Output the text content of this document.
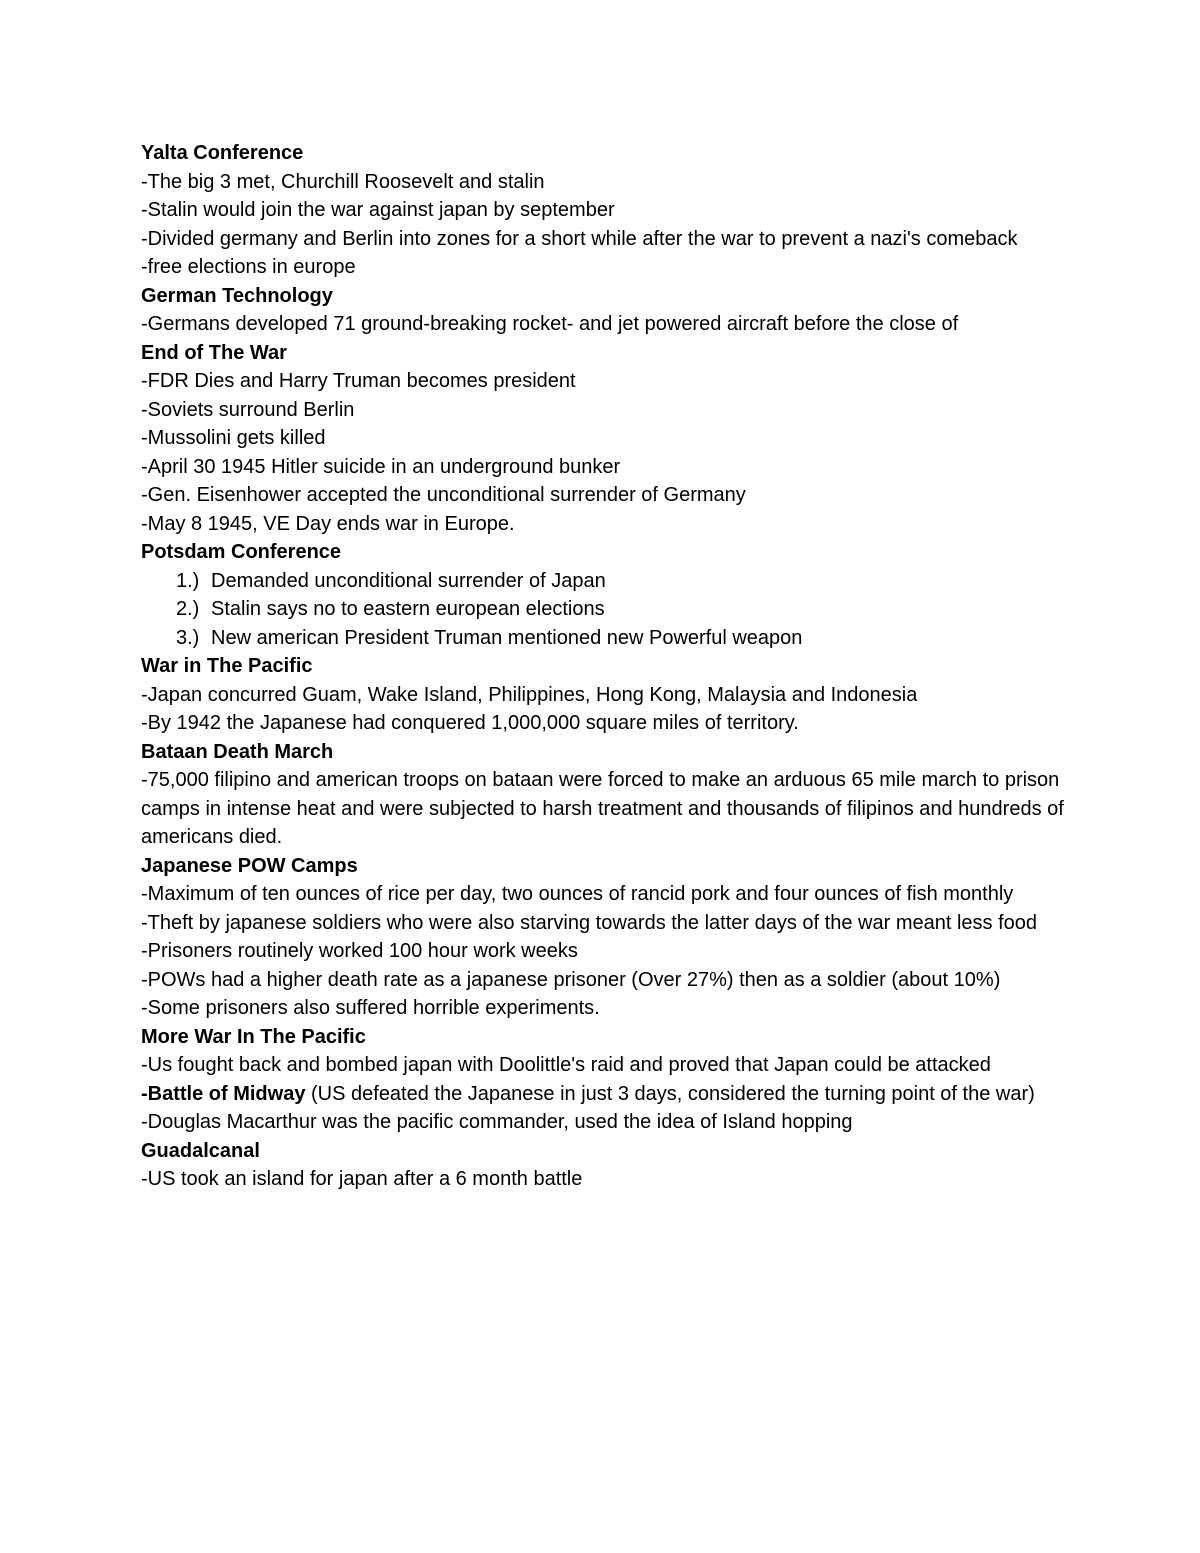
Yalta Conference

-The big 3 met, Churchill Roosevelt and stalin

-Stalin would join the war against japan by september

-Divided germany and Berlin into zones for a short while after the war to prevent a nazi's comeback

-free elections in europe

German Technology

-Germans developed 71 ground-breaking rocket- and jet powered aircraft before the close of

End of The War

-FDR Dies and Harry Truman becomes president

-Soviets surround Berlin

-Mussolini gets killed

-April 30 1945 Hitler suicide in an underground bunker

-Gen. Eisenhower accepted the unconditional surrender of Germany

-May 8 1945, VE Day ends war in Europe.

Potsdam Conference

1.) Demanded unconditional surrender of Japan
2.) Stalin says no to eastern european elections
3.) New american President Truman mentioned new Powerful weapon

War in The Pacific

-Japan concurred Guam, Wake Island, Philippines, Hong Kong, Malaysia and Indonesia

-By 1942 the Japanese had conquered 1,000,000 square miles of territory.

Bataan Death March

-75,000 filipino and american troops on bataan were forced to make an arduous 65 mile march to prison camps in intense heat and were subjected to harsh treatment and thousands of filipinos and hundreds of americans died.

Japanese POW Camps

-Maximum of ten ounces of rice per day, two ounces of rancid pork and four ounces of fish monthly

-Theft by japanese soldiers who were also starving towards the latter days of the war meant less food

-Prisoners routinely worked 100 hour work weeks

-POWs had a higher death rate as a japanese prisoner (Over 27%) then as a soldier (about 10%)

-Some prisoners also suffered horrible experiments.

More War In The Pacific

-Us fought back and bombed japan with Doolittle's raid and proved that Japan could be attacked

-Battle of Midway (US defeated the Japanese in just 3 days, considered the turning point of the war)

-Douglas Macarthur was the pacific commander, used the idea of Island hopping

Guadalcanal

-US took an island for japan after a 6 month battle
